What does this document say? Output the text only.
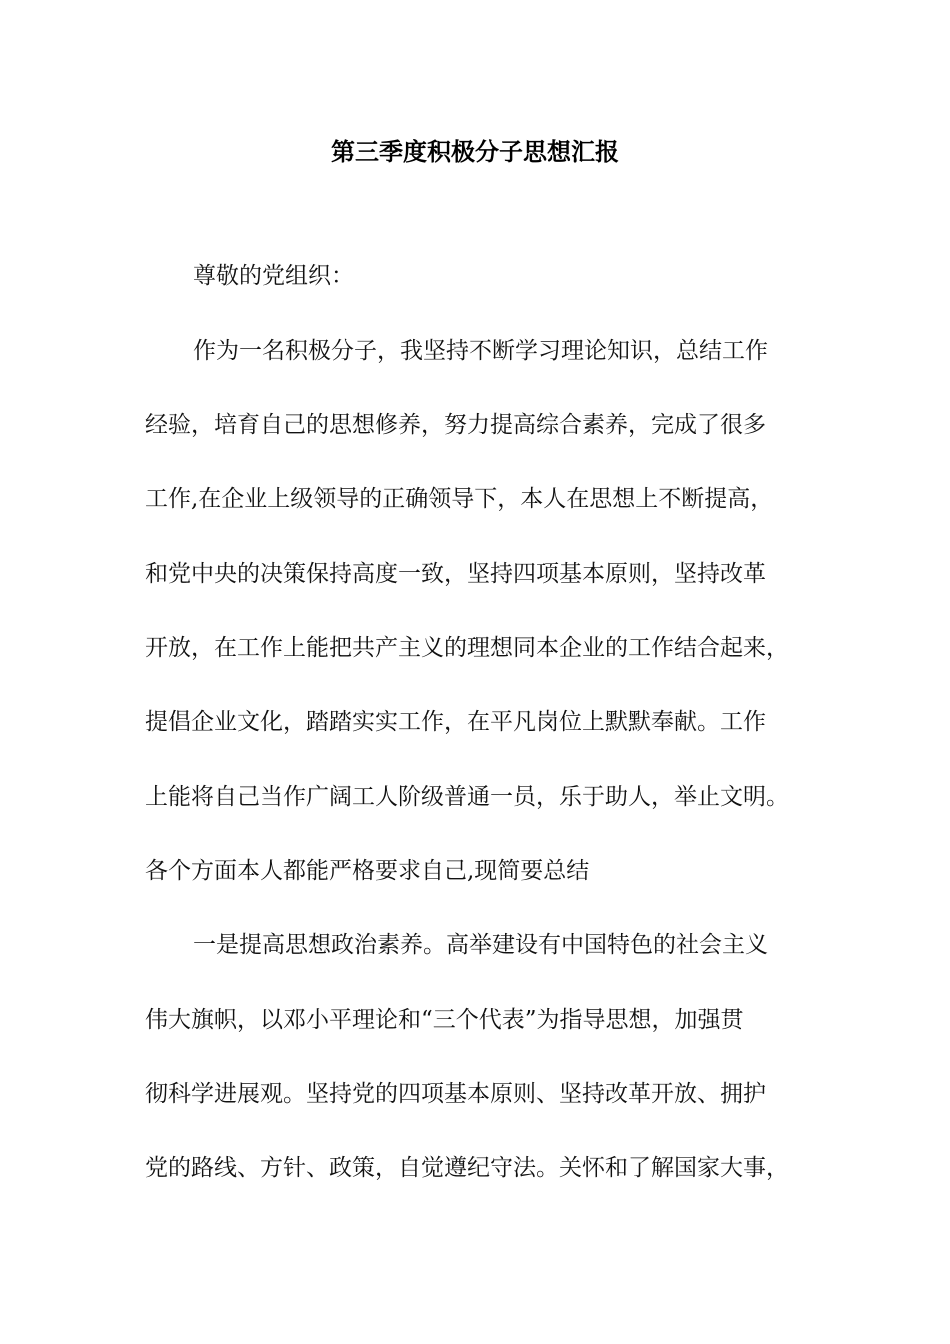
第三季度积极分子思想汇报

尊敬的党组织：

作为一名积极分子，我坚持不断学习理论知识，总结工作

经验，培育自己的思想修养，努力提高综合素养，完成了很多

工作,在企业上级领导的正确领导下，本人在思想上不断提高，

和党中央的决策保持高度一致，坚持四项基本原则，坚持改革

开放，在工作上能把共产主义的理想同本企业的工作结合起来，

提倡企业文化，踏踏实实工作，在平凡岗位上默默奉献。工作

上能将自己当作广阔工人阶级普通一员，乐于助人，举止文明。

各个方面本人都能严格要求自己,现简要总结

一是提高思想政治素养。高举建设有中国特色的社会主义

伟大旗帜，以邓小平理论和“三个代表”为指导思想，加强贯

彻科学进展观。坚持党的四项基本原则、坚持改革开放、拥护

党的路线、方针、政策，自觉遵纪守法。关怀和了解国家大事，
